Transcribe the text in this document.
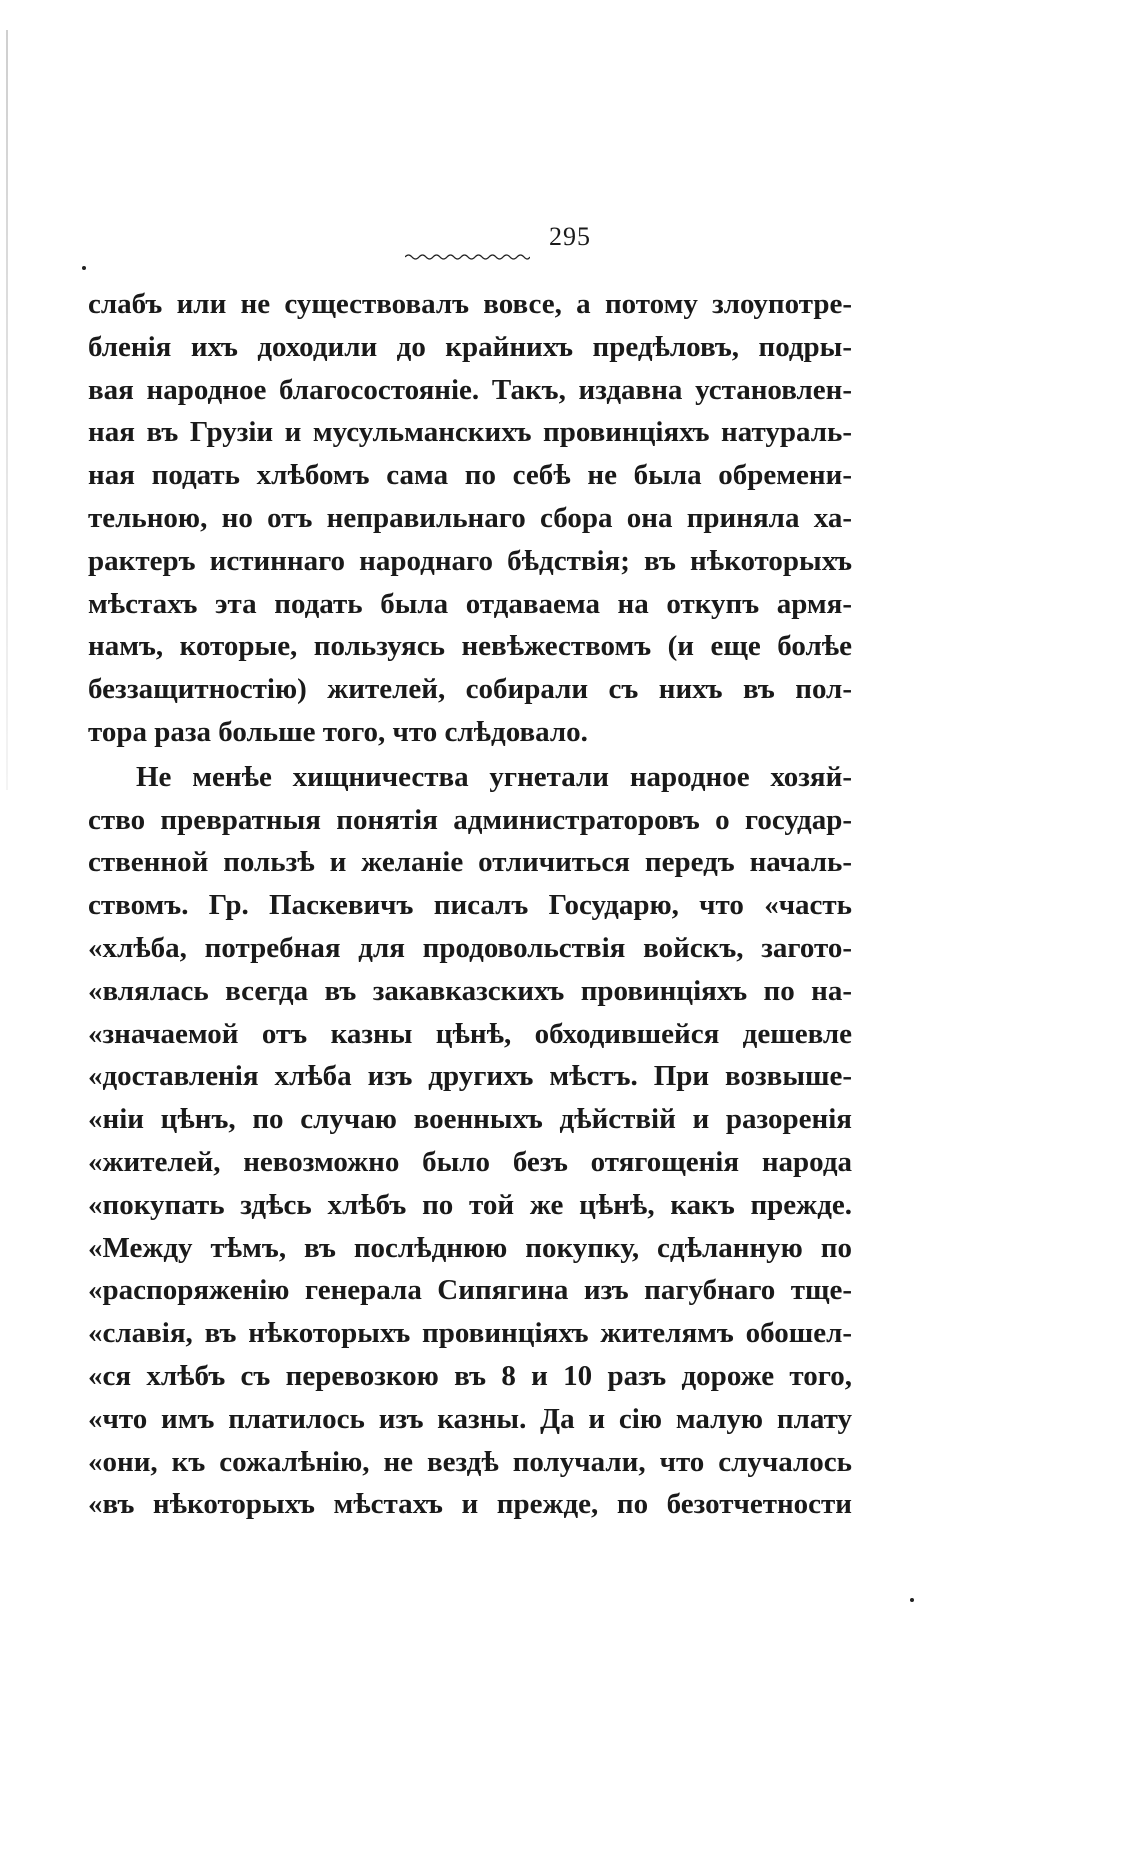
295
слабъ или не существовалъ вовсе, а потому злоупотре-
бленія ихъ доходили до крайнихъ предѣловъ, подры-
вая народное благосостояніе. Такъ, издавна установлен-
ная въ Грузіи и мусульманскихъ провинціяхъ натураль-
ная подать хлѣбомъ сама по себѣ не была обремени-
тельною, но отъ неправильнаго сбора она приняла ха-
рактеръ истиннаго народнаго бѣдствія; въ нѣкоторыхъ
мѣстахъ эта подать была отдаваема на откупъ армя-
намъ, которые, пользуясь невѣжествомъ (и еще болѣе
беззащитностію) жителей, собирали съ нихъ въ пол-
тора раза больше того, что слѣдовало.
Не менѣе хищничества угнетали народное хозяй-
ство превратныя понятія администраторовъ о государ-
ственной пользѣ и желаніе отличиться передъ началь-
ствомъ. Гр. Паскевичъ писалъ Государю, что «часть
«хлѣба, потребная для продовольствія войскъ, загото-
«влялась всегда въ закавказскихъ провинціяхъ по на-
«значаемой отъ казны цѣнѣ, обходившейся дешевле
«доставленія хлѣба изъ другихъ мѣстъ. При возвыше-
«ніи цѣнъ, по случаю военныхъ дѣйствій и разоренія
«жителей, невозможно было безъ отягощенія народа
«покупать здѣсь хлѣбъ по той же цѣнѣ, какъ прежде.
«Между тѣмъ, въ послѣднюю покупку, сдѣланную по
«распоряженію генерала Сипягина изъ пагубнаго тще-
«славія, въ нѣкоторыхъ провинціяхъ жителямъ обошел-
«ся хлѣбъ съ перевозкою въ 8 и 10 разъ дороже того,
«что имъ платилось изъ казны. Да и сію малую плату
«они, къ сожалѣнію, не вездѣ получали, что случалось
«въ нѣкоторыхъ мѣстахъ и прежде, по безотчетности
